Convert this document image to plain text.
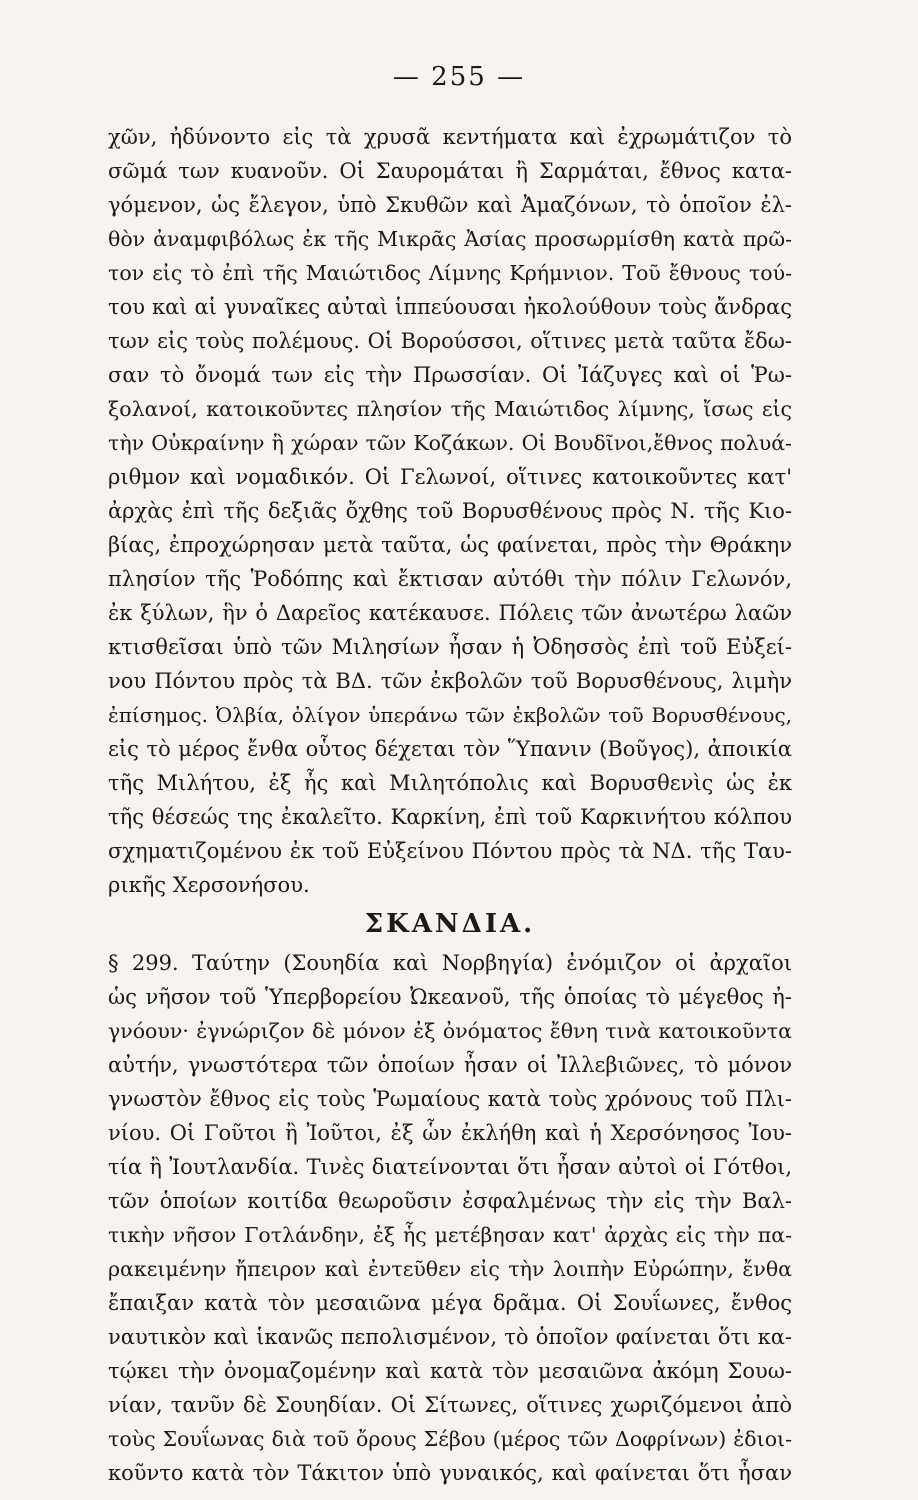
— 255 —
χῶν, ἠδύνοντο εἰς τὰ χρυσᾶ κεντήματα καὶ ἐχρωμάτιζον τὸ
σῶμά των κυανοῦν. Οἱ Σαυρομάται ἢ Σαρμάται, ἔθνος κατα-
γόμενον, ὡς ἔλεγον, ὑπὸ Σκυθῶν καὶ Ἀμαζόνων, τὸ ὁποῖον ἐλ-
θὸν ἀναμφιβόλως ἐκ τῆς Μικρᾶς Ἀσίας προσωρμίσθη κατὰ πρῶ-
τον εἰς τὸ ἐπὶ τῆς Μαιώτιδος Λίμνης Κρήμνιον. Τοῦ ἔθνους τού-
του καὶ αἱ γυναῖκες αὐταὶ ἱππεύουσαι ἠκολούθουν τοὺς ἄνδρας
των εἰς τοὺς πολέμους. Οἱ Βορούσσοι, οἵτινες μετὰ ταῦτα ἔδω-
σαν τὸ ὄνομά των εἰς τὴν Πρωσσίαν. Οἱ Ἰάζυγες καὶ οἱ Ῥω-
ξολανοί, κατοικοῦντες πλησίον τῆς Μαιώτιδος λίμνης, ἴσως εἰς
τὴν Οὐκραίνην ἢ χώραν τῶν Κοζάκων. Οἱ Βουδῖνοι,ἔθνος πολυά-
ριθμον καὶ νομαδικόν. Οἱ Γελωνοί, οἵτινες κατοικοῦντες κατ'
ἀρχὰς ἐπὶ τῆς δεξιᾶς ὄχθης τοῦ Βορυσθένους πρὸς Ν. τῆς Κιο-
βίας, ἐπροχώρησαν μετὰ ταῦτα, ὡς φαίνεται, πρὸς τὴν Θράκην
πλησίον τῆς Ῥοδόπης καὶ ἔκτισαν αὐτόθι τὴν πόλιν Γελωνόν,
ἐκ ξύλων, ἣν ὁ Δαρεῖος κατέκαυσε. Πόλεις τῶν ἀνωτέρω λαῶν
κτισθεῖσαι ὑπὸ τῶν Μιλησίων ἦσαν ἡ Ὀδησσὸς ἐπὶ τοῦ Εὐξεί-
νου Πόντου πρὸς τὰ ΒΔ. τῶν ἐκβολῶν τοῦ Βορυσθένους, λιμὴν
ἐπίσημος. Ὀλβία, ὀλίγον ὑπεράνω τῶν ἐκβολῶν τοῦ Βορυσθένους,
εἰς τὸ μέρος ἔνθα οὗτος δέχεται τὸν Ὕπανιν (Βοῦγος), ἀποικία
τῆς Μιλήτου, ἐξ ἧς καὶ Μιλητόπολις καὶ Βορυσθενὶς ὡς ἐκ
τῆς θέσεώς της ἐκαλεῖτο. Καρκίνη, ἐπὶ τοῦ Καρκινήτου κόλπου
σχηματιζομένου ἐκ τοῦ Εὐξείνου Πόντου πρὸς τὰ ΝΔ. τῆς Ταυ-
ρικῆς Χερσονήσου.
ΣΚΑΝΔΙΑ.
§ 299. Ταύτην (Σουηδία καὶ Νορβηγία) ἐνόμιζον οἱ ἀρχαῖοι
ὡς νῆσον τοῦ Ὑπερβορείου Ὠκεανοῦ, τῆς ὁποίας τὸ μέγεθος ἠ-
γνόουν· ἐγνώριζον δὲ μόνον ἐξ ὀνόματος ἔθνη τινὰ κατοικοῦντα
αὐτήν, γνωστότερα τῶν ὁποίων ἦσαν οἱ Ἰλλεβιῶνες, τὸ μόνον
γνωστὸν ἔθνος εἰς τοὺς Ῥωμαίους κατὰ τοὺς χρόνους τοῦ Πλι-
νίου. Οἱ Γοῦτοι ἢ Ἰοῦτοι, ἐξ ὧν ἐκλήθη καὶ ἡ Χερσόνησος Ἰου-
τία ἢ Ἰουτλανδία. Τινὲς διατείνονται ὅτι ἦσαν αὐτοὶ οἱ Γότθοι,
τῶν ὁποίων κοιτίδα θεωροῦσιν ἐσφαλμένως τὴν εἰς τὴν Βαλ-
τικὴν νῆσον Γοτλάνδην, ἐξ ἧς μετέβησαν κατ' ἀρχὰς εἰς τὴν πα-
ρακειμένην ἤπειρον καὶ ἐντεῦθεν εἰς τὴν λοιπὴν Εὐρώπην, ἔνθα
ἔπαιξαν κατὰ τὸν μεσαιῶνα μέγα δρᾶμα. Οἱ Σουΐωνες, ἔνθος
ναυτικὸν καὶ ἱκανῶς πεπολισμένον, τὸ ὁποῖον φαίνεται ὅτι κα-
τῴκει τὴν ὀνομαζομένην καὶ κατὰ τὸν μεσαιῶνα ἀκόμη Σουω-
νίαν, τανῦν δὲ Σουηδίαν. Οἱ Σίτωνες, οἵτινες χωριζόμενοι ἀπὸ
τοὺς Σουΐωνας διὰ τοῦ ὄρους Σέβου (μέρος τῶν Δοφρίνων) ἐδιοι-
κοῦντο κατὰ τὸν Τάκιτον ὑπὸ γυναικός, καὶ φαίνεται ὅτι ἦσαν
